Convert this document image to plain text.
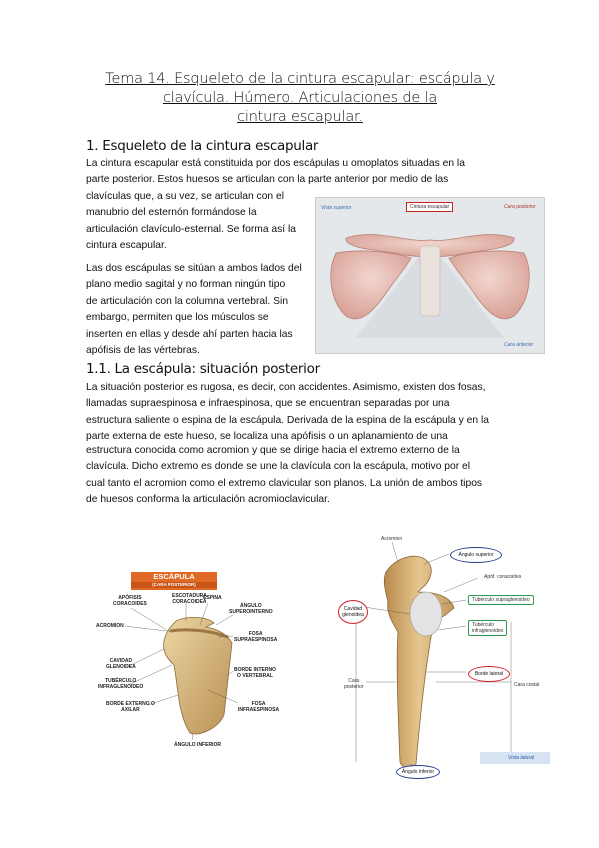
Tema 14. Esqueleto de la cintura escapular: escápula y
clavícula. Húmero. Articulaciones de la
cintura escapular.
1. Esqueleto de la cintura escapular

La cintura escapular está constituida por dos escápulas u omoplatos situadas en la

parte posterior. Estos huesos se articulan con la parte anterior por medio de las

clavículas que, a su vez, se articulan con el

manubrio del esternón formándose la

articulación clavículo-esternal. Se forma así la

cintura escapular.

Las dos escápulas se sitúan a ambos lados del

plano medio sagital y no forman ningún tipo

de articulación con la columna vertebral. Sin

embargo, permiten que los músculos se

inserten en ellas y desde ahí parten hacia las

apófisis de las vértebras.

Vista superior	Cintura escapular	Cara posterior
Cara anterior
1.1. La escápula: situación posterior

La situación posterior es rugosa, es decir, con accidentes. Asimismo, existen dos fosas,

llamadas supraespinosa e infraespinosa, que se encuentran separadas por una

estructura saliente o espina de la escápula. Derivada de la espina de la escápula y en la

parte externa de este hueso, se localiza una apófisis o un aplanamiento de una

estructura conocida como acromion y que se dirige hacia el extremo externo de la

clavícula. Dicho extremo es donde se une la clavícula con la escápula, motivo por el

cual tanto el acromion como el extremo clavicular son planos. La unión de ambos tipos

de huesos conforma la articulación acromioclavicular.

ESCÁPULA
(CARA POSTERIOR)
APÓFISIS
CORACOIDES
ESCOTADURA
CORACOIDEA
ESPINA
ÁNGULO
SUPEROINTERNO
ACROMION
FOSA
SUPRAESPINOSA
CAVIDAD
GLENOIDEA
TUBÉRCULO
INFRAGLENOIDEO
BORDE INTERNO
O VERTEBRAL
BORDE EXTERNO O
AXILAR
FOSA
INFRAESPINOSA
ÁNGULO INFERIOR
Acromion
Ángulo superior
Apóf. coracoides
Tubérculo supraglenoideo
Cavidad
glenoidea
Tubérculo
infraglenoideo
Borde lateral
Cara
posterior	Cara costal
Ángulo inferior
Vista lateral
